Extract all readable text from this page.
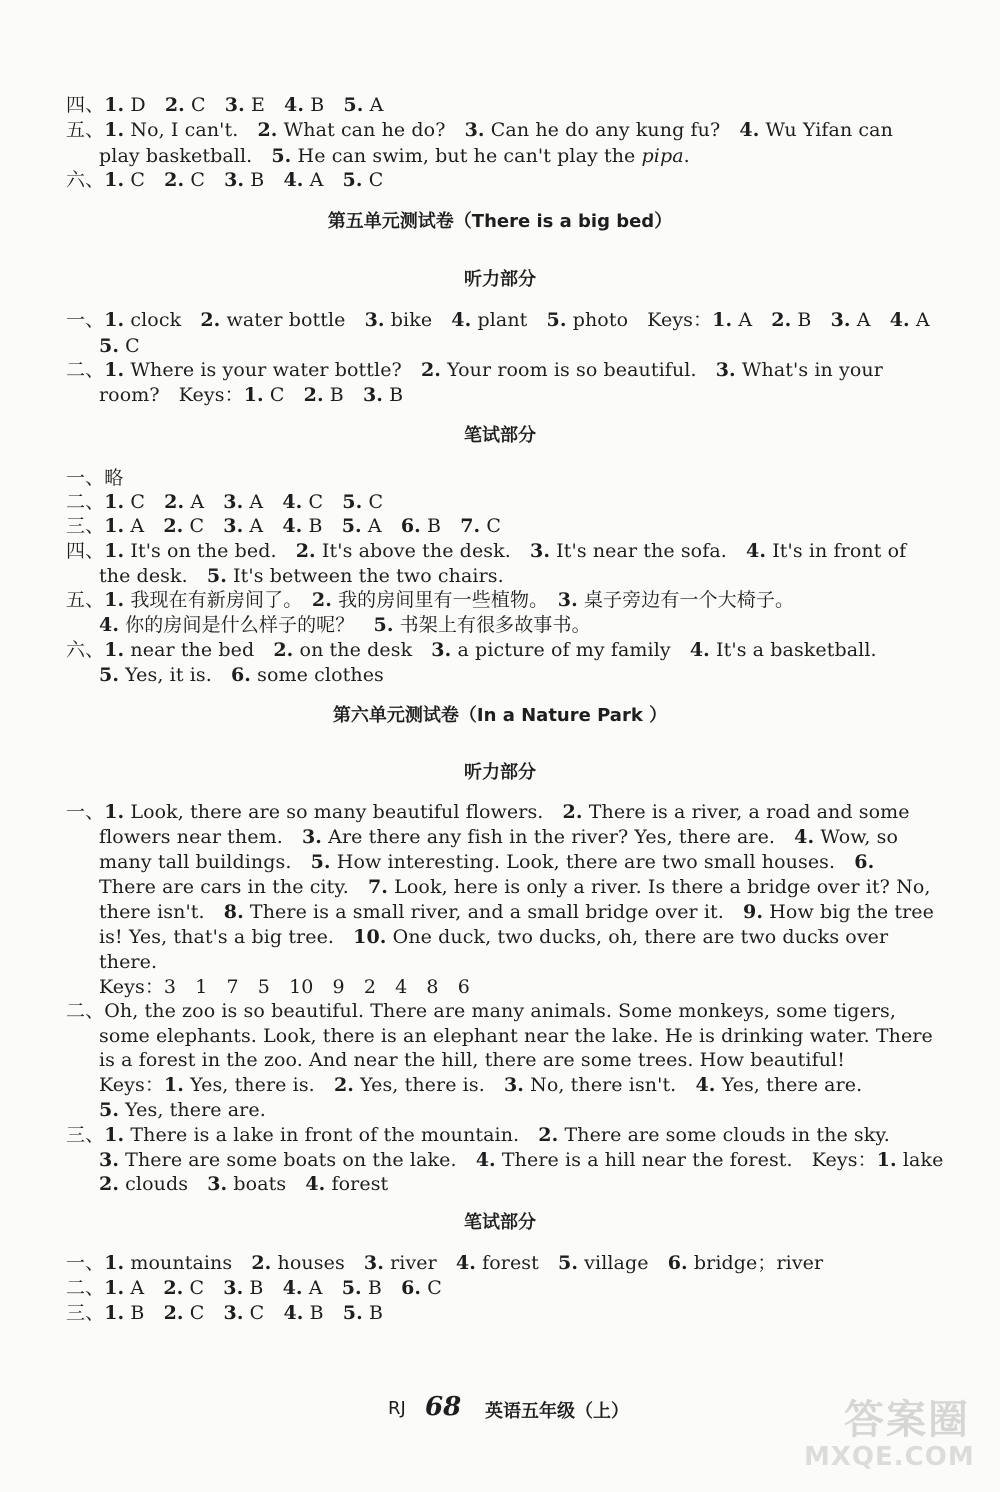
四、1. D　2. C　3. E　4. B　5. A
五、1. No, I can't.　2. What can he do?　3. Can he do any kung fu?　4. Wu Yifan can
play basketball.　5. He can swim, but he can't play the pipa.
六、1. C　2. C　3. B　4. A　5. C
第五单元测试卷（There is a big bed）
听力部分
一、1. clock　2. water bottle　3. bike　4. plant　5. photo　Keys：1. A　2. B　3. A　4. A
5. C
二、1. Where is your water bottle?　2. Your room is so beautiful.　3. What's in your
room?　Keys：1. C　2. B　3. B
笔试部分
一、略
二、1. C　2. A　3. A　4. C　5. C
三、1. A　2. C　3. A　4. B　5. A　6. B　7. C
四、1. It's on the bed.　2. It's above the desk.　3. It's near the sofa.　4. It's in front of
the desk.　5. It's between the two chairs.
五、1. 我现在有新房间了。　2. 我的房间里有一些植物。　3. 桌子旁边有一个大椅子。
4. 你的房间是什么样子的呢？　5. 书架上有很多故事书。
六、1. near the bed　2. on the desk　3. a picture of my family　4. It's a basketball.
5. Yes, it is.　6. some clothes
第六单元测试卷（In a Nature Park ）
听力部分
一、1. Look, there are so many beautiful flowers.　2. There is a river, a road and some
flowers near them.　3. Are there any fish in the river? Yes, there are.　4. Wow, so
many tall buildings.　5. How interesting. Look, there are two small houses.　6.
There are cars in the city.　7. Look, here is only a river. Is there a bridge over it? No,
there isn't.　8. There is a small river, and a small bridge over it.　9. How big the tree
is! Yes, that's a big tree.　10. One duck, two ducks, oh, there are two ducks over
there.
Keys：3　1　7　5　10　9　2　4　8　6
二、Oh, the zoo is so beautiful. There are many animals. Some monkeys, some tigers,
some elephants. Look, there is an elephant near the lake. He is drinking water. There
is a forest in the zoo. And near the hill, there are some trees. How beautiful!
Keys：1. Yes, there is.　2. Yes, there is.　3. No, there isn't.　4. Yes, there are.
5. Yes, there are.
三、1. There is a lake in front of the mountain.　2. There are some clouds in the sky.
3. There are some boats on the lake.　4. There is a hill near the forest.　Keys：1. lake
2. clouds　3. boats　4. forest
笔试部分
一、1. mountains　2. houses　3. river　4. forest　5. village　6. bridge；river
二、1. A　2. C　3. B　4. A　5. B　6. C
三、1. B　2. C　3. C　4. B　5. B
RJ 68 英语五年级（上）	答案圈
MXQE.COM
